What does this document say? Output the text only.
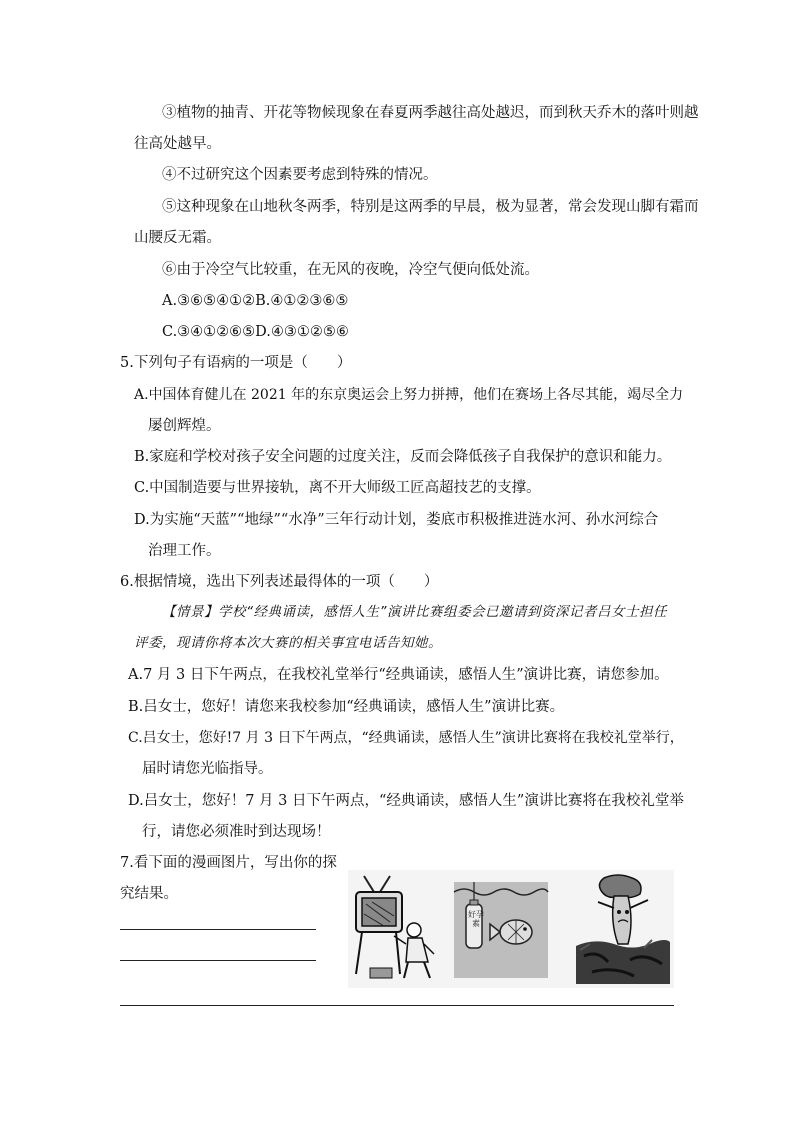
③植物的抽青、开花等物候现象在春夏两季越往高处越迟，而到秋天乔木的落叶则越
往高处越早。
④不过研究这个因素要考虑到特殊的情况。
⑤这种现象在山地秋冬两季，特别是这两季的早晨，极为显著，常会发现山脚有霜而
山腰反无霜。
⑥由于冷空气比较重，在无风的夜晚，冷空气便向低处流。
A.③⑥⑤④①②B.④①②③⑥⑤
C.③④①②⑥⑤D.④③①②⑤⑥
5.下列句子有语病的一项是（　　）
A.中国体育健儿在 2021 年的东京奥运会上努力拼搏，他们在赛场上各尽其能，竭尽全力
屡创辉煌。
B.家庭和学校对孩子安全问题的过度关注，反而会降低孩子自我保护的意识和能力。
C.中国制造要与世界接轨，离不开大师级工匠高超技艺的支撑。
D.为实施“天蓝”“地绿”“水净”三年行动计划，娄底市积极推进涟水河、孙水河综合
治理工作。
6.根据情境，选出下列表述最得体的一项（　　）
【情景】学校“经典诵读，感悟人生”演讲比赛组委会已邀请到资深记者吕女士担任
评委，现请你将本次大赛的相关事宜电话告知她。
A.7 月 3 日下午两点，在我校礼堂举行“经典诵读，感悟人生”演讲比赛，请您参加。
B.吕女士，您好！请您来我校参加“经典诵读，感悟人生”演讲比赛。
C.吕女士，您好!7 月 3 日下午两点，“经典诵读，感悟人生”演讲比赛将在我校礼堂举行，
届时请您光临指导。
D.吕女士，您好！7 月 3 日下午两点，“经典诵读，感悟人生”演讲比赛将在我校礼堂举
行，请您必须准时到达现场！
7.看下面的漫画图片，写出你的探
究结果。
好孕素
